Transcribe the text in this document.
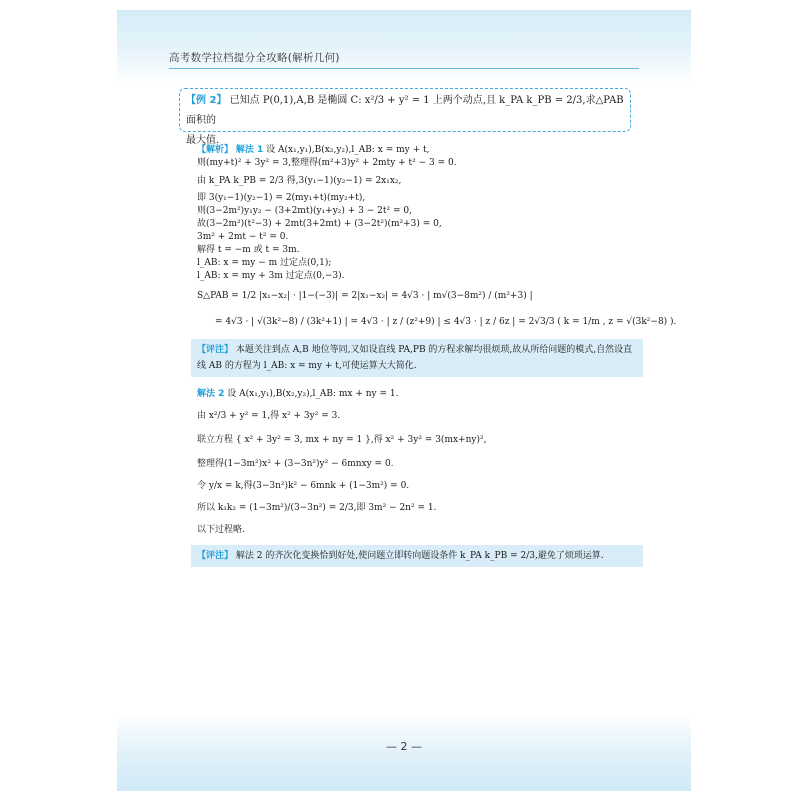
高考数学拉档提分全攻略(解析几何)
【例 2】 已知点 P(0,1),A,B 是椭圆 C: x²/3 + y² = 1 上两个动点,且 k_PA k_PB = 2/3,求△PAB 面积的
最大值.
【解析】 解法 1 设 A(x₁,y₁),B(x₂,y₂),l_AB: x = my + t,
则(my+t)² + 3y² = 3,整理得(m²+3)y² + 2mty + t² − 3 = 0.
由 k_PA k_PB = 2/3 得,3(y₁−1)(y₂−1) = 2x₁x₂,
即 3(y₁−1)(y₂−1) = 2(my₁+t)(my₂+t),
则(3−2m²)y₁y₂ − (3+2mt)(y₁+y₂) + 3 − 2t² = 0,
故(3−2m²)(t²−3) + 2mt(3+2mt) + (3−2t²)(m²+3) = 0,
3m² + 2mt − t² = 0.
解得 t = −m 或 t = 3m.
l_AB: x = my − m 过定点(0,1);
l_AB: x = my + 3m 过定点(0,−3).
S△PAB = 1/2 |x₁−x₂| · |1−(−3)| = 2|x₁−x₂| = 4√3 · | m√(3−8m²) / (m²+3) |
= 4√3 · | √(3k²−8) / (3k²+1) | = 4√3 · | z / (z²+9) | ≤ 4√3 · | z / 6z | = 2√3/3 ( k = 1/m , z = √(3k²−8) ).
【评注】 本题关注到点 A,B 地位等同,又如设直线 PA,PB 的方程求解均很烦琐,故从所给问题的模式,自然设直线 AB 的方程为 l_AB: x = my + t,可使运算大大简化.
解法 2 设 A(x₁,y₁),B(x₂,y₂),l_AB: mx + ny = 1.
由 x²/3 + y² = 1,得 x² + 3y² = 3.
联立方程 { x² + 3y² = 3, mx + ny = 1 },得 x² + 3y² = 3(mx+ny)²,
整理得(1−3m²)x² + (3−3n²)y² − 6mnxy = 0.
令 y/x = k,得(3−3n²)k² − 6mnk + (1−3m²) = 0.
所以 k₁k₂ = (1−3m²)/(3−3n²) = 2/3,即 3m² − 2n² = 1.
以下过程略.
【评注】 解法 2 的齐次化变换恰到好处,使问题立即转向题设条件 k_PA k_PB = 2/3,避免了烦琐运算.
— 2 —
